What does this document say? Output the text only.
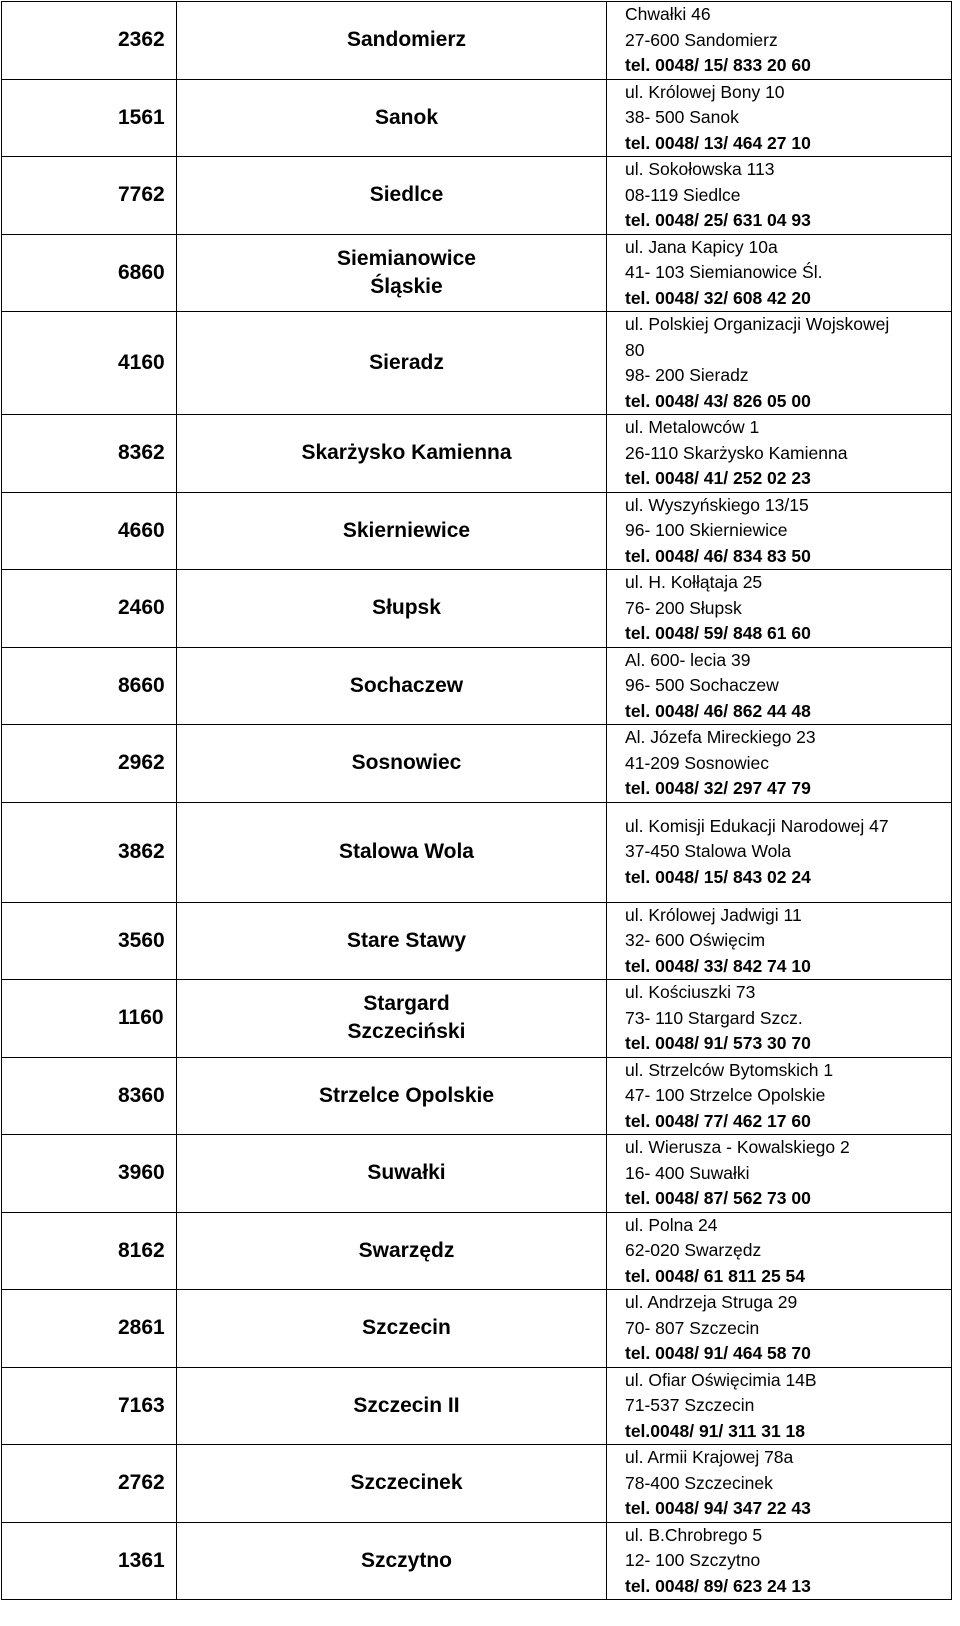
2362	Sandomierz	Chwałki 46
27-600 Sandomierz
tel. 0048/ 15/ 833 20 60

1561	Sanok	ul. Królowej Bony 10
38- 500 Sanok
tel. 0048/ 13/ 464 27 10

7762	Siedlce	ul. Sokołowska 113
08-119 Siedlce
tel. 0048/ 25/ 631 04 93

6860	Siemianowice
Śląskie	ul. Jana Kapicy 10a
41- 103 Siemianowice Śl.
tel. 0048/ 32/ 608 42 20

4160	Sieradz	ul. Polskiej Organizacji Wojskowej
80
98- 200 Sieradz
tel. 0048/ 43/ 826 05 00

8362	Skarżysko Kamienna	ul. Metalowców 1
26-110 Skarżysko Kamienna
tel. 0048/ 41/ 252 02 23

4660	Skierniewice	ul. Wyszyńskiego 13/15
96- 100 Skierniewice
tel. 0048/ 46/ 834 83 50

2460	Słupsk	ul. H. Kołłątaja 25
76- 200 Słupsk
tel. 0048/ 59/ 848 61 60

8660	Sochaczew	Al. 600- lecia 39
96- 500 Sochaczew
tel. 0048/ 46/ 862 44 48

2962	Sosnowiec	Al. Józefa Mireckiego 23
41-209 Sosnowiec
tel. 0048/ 32/ 297 47 79

3862	Stalowa Wola	ul. Komisji Edukacji Narodowej 47
37-450 Stalowa Wola
tel. 0048/ 15/ 843 02 24

3560	Stare Stawy	ul. Królowej Jadwigi 11
32- 600 Oświęcim
tel. 0048/ 33/ 842 74 10

1160	Stargard
Szczeciński	ul. Kościuszki 73
73- 110 Stargard Szcz.
tel. 0048/ 91/ 573 30 70

8360	Strzelce Opolskie	ul. Strzelców Bytomskich 1
47- 100 Strzelce Opolskie
tel. 0048/ 77/ 462 17 60

3960	Suwałki	ul. Wierusza - Kowalskiego 2
16- 400 Suwałki
tel. 0048/ 87/ 562 73 00

8162	Swarzędz	ul. Polna 24
62-020 Swarzędz
tel. 0048/ 61 811 25 54

2861	Szczecin	ul. Andrzeja Struga 29
70- 807 Szczecin
tel. 0048/ 91/ 464 58 70

7163	Szczecin II	ul. Ofiar Oświęcimia 14B
71-537 Szczecin
tel.0048/ 91/ 311 31 18

2762	Szczecinek	ul. Armii Krajowej 78a
78-400 Szczecinek
tel. 0048/ 94/ 347 22 43

1361	Szczytno	ul. B.Chrobrego 5
12- 100 Szczytno
tel. 0048/ 89/ 623 24 13
